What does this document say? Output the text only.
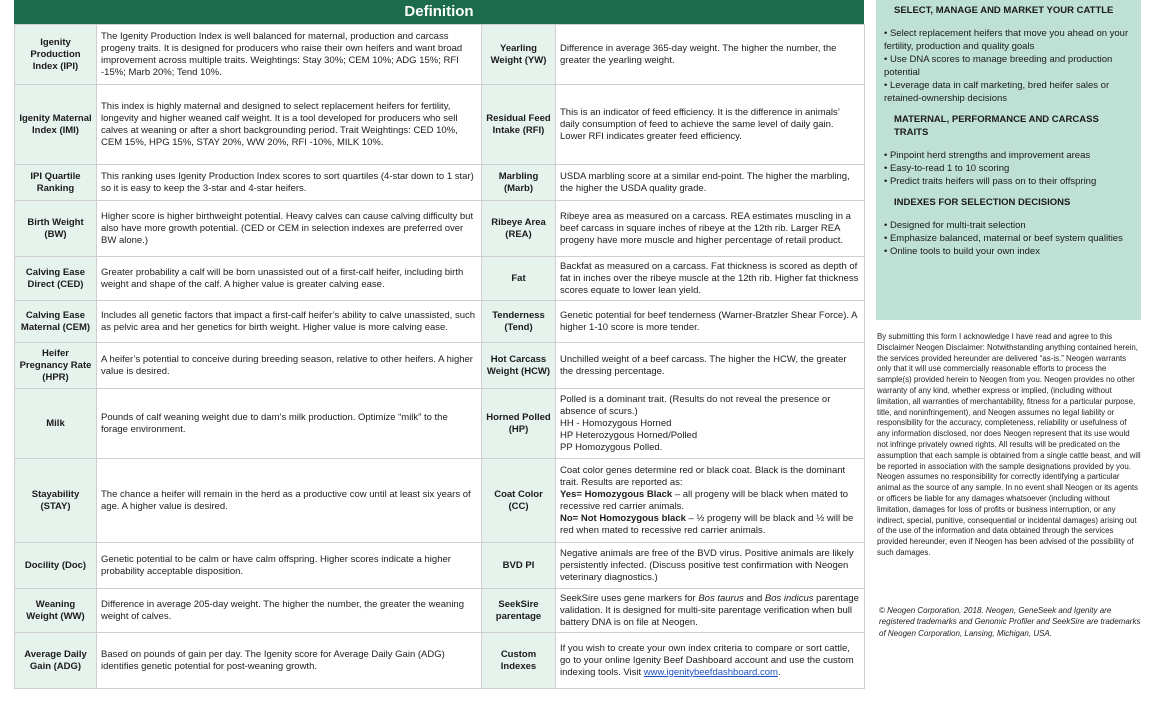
Definition
Igenity Production Index (IPI)	The Igenity Production Index is well balanced for maternal, production and carcass progeny traits. It is designed for producers who raise their own heifers and want broad improvement across multiple traits. Weightings: Stay 30%; CEM 10%; ADG 15%; RFI -15%; Marb 20%; Tend 10%.	Yearling Weight (YW)	Difference in average 365-day weight. The higher the number, the greater the yearling weight.
Igenity Maternal Index (IMI)	This index is highly maternal and designed to select replacement heifers for fertility, longevity and higher weaned calf weight. It is a tool developed for producers who sell calves at weaning or after a short backgrounding period. Trait Weightings: CED 10%, CEM 15%, HPG 15%, STAY 20%, WW 20%, RFI -10%, MILK 10%.	Residual Feed Intake (RFI)	This is an indicator of feed efficiency. It is the difference in animals’ daily consumption of feed to achieve the same level of daily gain. Lower RFI indicates greater feed efficiency.
IPI Quartile Ranking	This ranking uses Igenity Production Index scores to sort quartiles (4-star down to 1 star) so it is easy to keep the 3-star and 4-star heifers.	Marbling (Marb)	USDA marbling score at a similar end-point. The higher the marbling, the higher the USDA quality grade.
Birth Weight (BW)	Higher score is higher birthweight potential. Heavy calves can cause calving difficulty but also have more growth potential. (CED or CEM in selection indexes are preferred over BW alone.)	Ribeye Area (REA)	Ribeye area as measured on a carcass. REA estimates muscling in a beef carcass in square inches of ribeye at the 12th rib. Larger REA progeny have more muscle and higher percentage of retail product.
Calving Ease Direct (CED)	Greater probability a calf will be born unassisted out of a first-calf heifer, including birth weight and shape of the calf. A higher value is greater calving ease.	Fat	Backfat as measured on a carcass. Fat thickness is scored as depth of fat in inches over the ribeye muscle at the 12th rib. Higher fat thickness scores equate to lower lean yield.
Calving Ease Maternal (CEM)	Includes all genetic factors that impact a first-calf heifer’s ability to calve unassisted, such as pelvic area and her genetics for birth weight. Higher value is more calving ease.	Tenderness (Tend)	Genetic potential for beef tenderness (Warner-Bratzler Shear Force). A higher 1-10 score is more tender.
Heifer Pregnancy Rate (HPR)	A heifer’s potential to conceive during breeding season, relative to other heifers. A higher value is desired.	Hot Carcass Weight (HCW)	Unchilled weight of a beef carcass. The higher the HCW, the greater the dressing percentage.
Milk	Pounds of calf weaning weight due to dam’s milk production. Optimize “milk” to the forage environment.	Horned Polled (HP)	Polled is a dominant trait. (Results do not reveal the presence or absence of scurs.)
HH - Homozygous Horned
HP Heterozygous Horned/Polled
PP Homozygous Polled.

Stayability (STAY)	The chance a heifer will remain in the herd as a productive cow until at least six years of age. A higher value is desired.	Coat Color (CC)	Coat color genes determine red or black coat. Black is the dominant trait. Results are reported as:
Yes= Homozygous Black – all progeny will be black when mated to recessive red carrier animals.
No= Not Homozygous black – ½ progeny will be black and ½ will be red when mated to recessive red carrier animals.

Docility (Doc)	Genetic potential to be calm or have calm offspring. Higher scores indicate a higher probability acceptable disposition.	BVD PI	Negative animals are free of the BVD virus. Positive animals are likely persistently infected. (Discuss positive test confirmation with Neogen veterinary diagnostics.)
Weaning Weight (WW)	Difference in average 205-day weight. The higher the number, the greater the weaning weight of calves.	SeekSire parentage	SeekSire uses gene markers for Bos taurus and Bos indicus parentage validation. It is designed for multi-site parentage verification when bull battery DNA is on file at Neogen.
Average Daily Gain (ADG)	Based on pounds of gain per day. The Igenity score for Average Daily Gain (ADG) identifies genetic potential for post-weaning growth.	Custom Indexes	If you wish to create your own index criteria to compare or sort cattle, go to your online Igenity Beef Dashboard account and use the custom indexing tools. Visit www.igenitybeefdashboard.com.
SELECT, MANAGE AND MARKET YOUR CATTLE
• Select replacement heifers that move you ahead on your fertility, production and quality goals
• Use DNA scores to manage breeding and production potential
• Leverage data in calf marketing, bred heifer sales or retained-ownership decisions
MATERNAL, PERFORMANCE AND CARCASS TRAITS
• Pinpoint herd strengths and improvement areas
• Easy-to-read 1 to 10 scoring
• Predict traits heifers will pass on to their offspring
INDEXES FOR SELECTION DECISIONS
• Designed for multi-trait selection
• Emphasize balanced, maternal or beef system qualities
• Online tools to build your own index
By submitting this form I acknowledge I have read and agree to this Disclaimer Neogen Disclaimer: Notwithstanding anything contained herein, the services provided hereunder are delivered “as-is.” Neogen warrants only that it will use commercially reasonable efforts to process the sample(s) provided herein to Neogen from you. Neogen provides no other warranty of any kind, whether express or implied, (including without limitation, all warranties of merchantability, fitness for a particular purpose, title, and noninfringement), and Neogen assumes no legal liability or responsibility for the accuracy, completeness, reliability or usefulness of any information disclosed, nor does Neogen represent that its use would not infringe privately owned rights. All results will be predicated on the assumption that each sample is obtained from a single cattle beast, and will be reported in association with the sample designations provided by you. Neogen assumes no responsibility for correctly identifying a particular animal as the source of any sample. In no event shall Neogen or its agents or officers be liable for any damages whatsoever (including without limitation, damages for loss of profits or business interruption, or any indirect, special, punitive, consequential or incidental damages) arising out of the use of the information and data obtained through the services provided hereunder, even if Neogen has been advised of the possibility of such damages.
© Neogen Corporation, 2018. Neogen, GeneSeek and Igenity are registered trademarks and Genomic Profiler and SeekSire are trademarks of Neogen Corporation, Lansing, Michigan, USA.
